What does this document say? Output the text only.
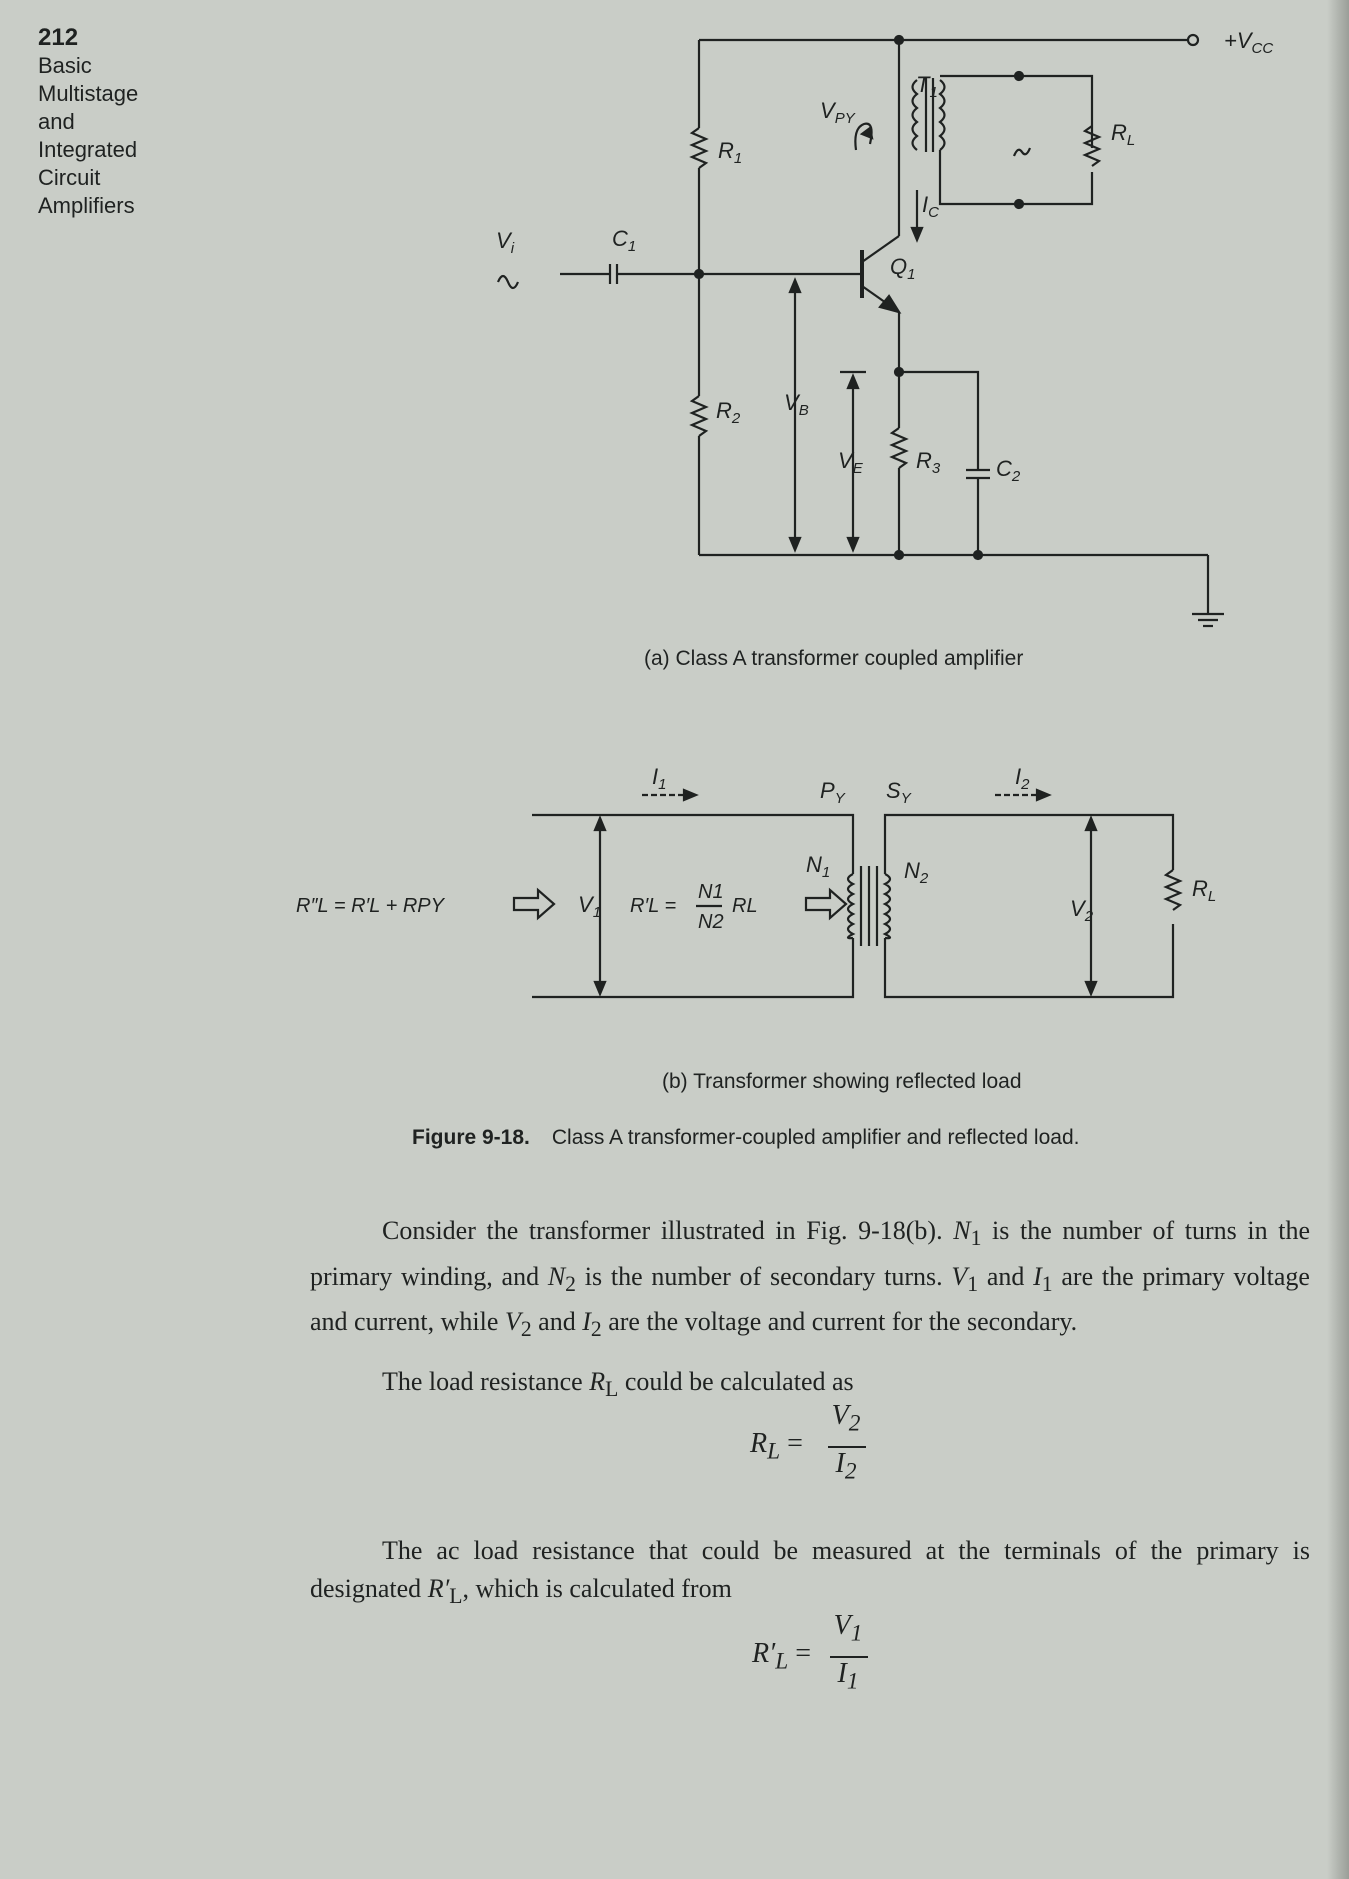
212
Basic
Multistage
and
Integrated
Circuit
Amplifiers
$+V_{CC}$
$T_1$
$R_L$
$V_{PY}$
$R_1$
$I_C$
$Q_1$
$V_i$	$C_1$
$R_2$
$V_B$
$V_E$ $R_3$	$C_2$
(a) Class A transformer coupled amplifier
$I_1$	$I_2$
$P_Y$ $S_Y$
$N_1$	$N_2$
R″L = R′L + RPY	$V_1$ R′L =
N1
N2
RL	$V_2$
$R_L$
(b) Transformer showing reflected load
Figure 9-18. Class A transformer-coupled amplifier and reflected load.
Consider the transformer illustrated in Fig. 9-18(b). $N_1$ is the number of turns in the primary winding, and $N_2$ is the number of secondary turns. $V_1$ and $I_1$ are the primary voltage and current, while $V_2$ and $I_2$ are the voltage and current for the secondary.
The load resistance $R_L$ could be calculated as
$R_L$ =
$V_2$
$I_2$
The ac load resistance that could be measured at the terminals of the primary is designated $R'_L$, which is calculated from
$R'_L$ =
$V_1$
$I_1$
